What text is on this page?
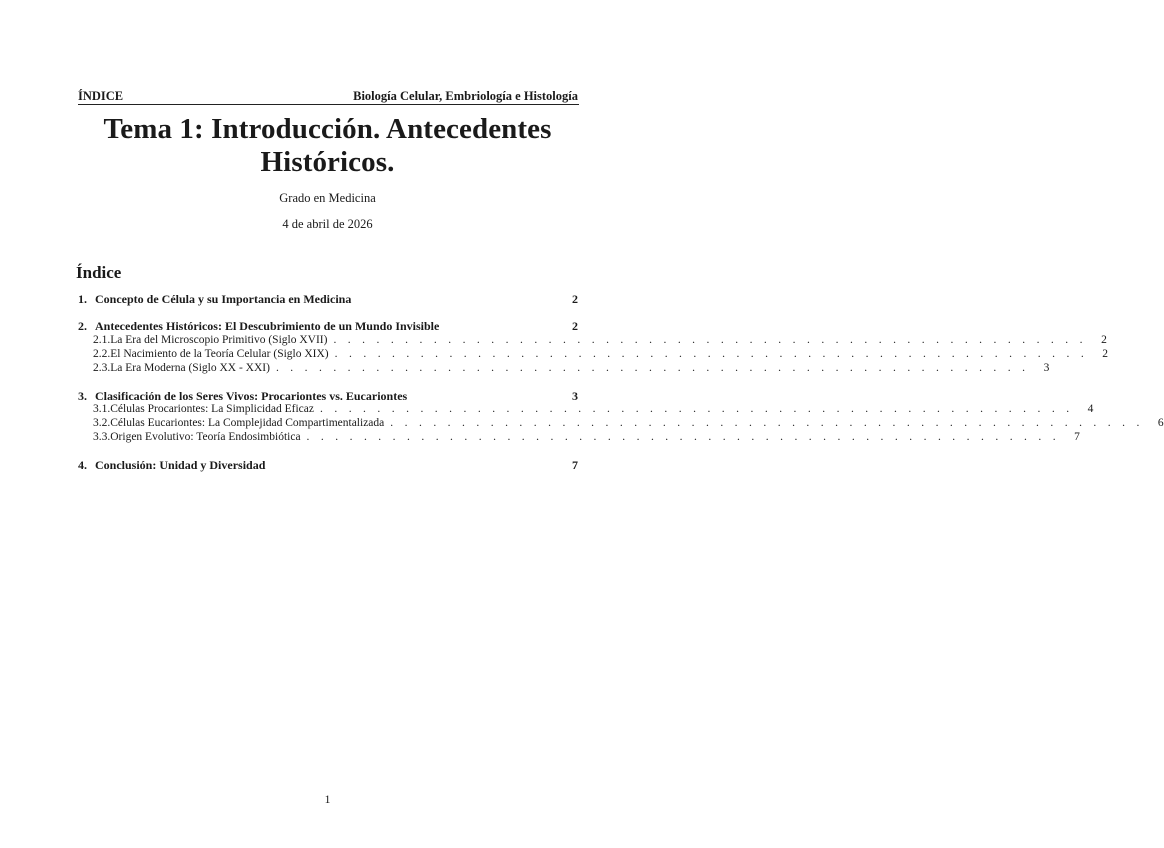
ÍNDICE	Biología Celular, Embriología e Histología
Tema 1: Introducción. Antecedentes
Históricos.
Grado en Medicina
4 de abril de 2026
Índice
1. Concepto de Célula y su Importancia en Medicina	2
2. Antecedentes Históricos: El Descubrimiento de un Mundo Invisible	2
2.1. La Era del Microscopio Primitivo (Siglo XVII) . . . . . . . . . . . . . . . . . . . . . . . . . . . . . . . . . . . . . . . . . . . . . . . . . . . . .	2
2.2. El Nacimiento de la Teoría Celular (Siglo XIX) . . . . . . . . . . . . . . . . . . . . . . . . . . . . . . . . . . . . . . . . . . . . . . . . . . . . .	2
2.3. La Era Moderna (Siglo XX - XXI) . . . . . . . . . . . . . . . . . . . . . . . . . . . . . . . . . . . . . . . . . . . . . . . . . . . . .	3
3. Clasificación de los Seres Vivos: Procariontes vs. Eucariontes	3
3.1. Células Procariontes: La Simplicidad Eficaz . . . . . . . . . . . . . . . . . . . . . . . . . . . . . . . . . . . . . . . . . . . . . . . . . . . . .	4
3.2. Células Eucariontes: La Complejidad Compartimentalizada . . . . . . . . . . . . . . . . . . . . . . . . . . . . . . . . . . . . . . . . . . . . . . . . . . . . .	6
3.3. Origen Evolutivo: Teoría Endosimbiótica . . . . . . . . . . . . . . . . . . . . . . . . . . . . . . . . . . . . . . . . . . . . . . . . . . . . .	7
4. Conclusión: Unidad y Diversidad	7
1
